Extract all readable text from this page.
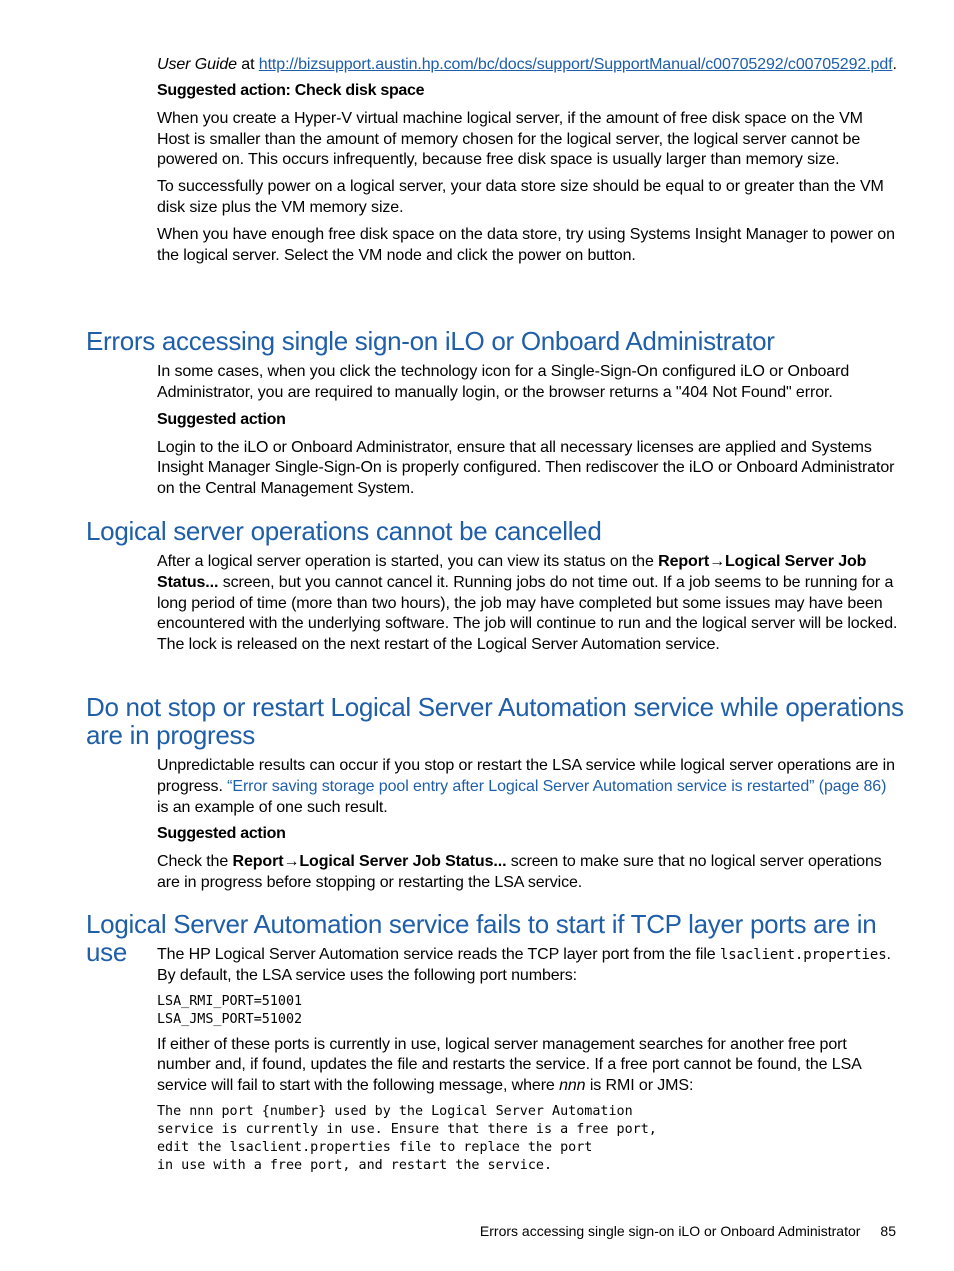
User Guide at http://bizsupport.austin.hp.com/bc/docs/support/SupportManual/c00705292/c00705292.pdf.

Suggested action: Check disk space

When you create a Hyper-V virtual machine logical server, if the amount of free disk space on the VM Host is smaller than the amount of memory chosen for the logical server, the logical server cannot be powered on. This occurs infrequently, because free disk space is usually larger than memory size.

To successfully power on a logical server, your data store size should be equal to or greater than the VM disk size plus the VM memory size.

When you have enough free disk space on the data store, try using Systems Insight Manager to power on the logical server. Select the VM node and click the power on button.

Errors accessing single sign-on iLO or Onboard Administrator

In some cases, when you click the technology icon for a Single-Sign-On configured iLO or Onboard Administrator, you are required to manually login, or the browser returns a "404 Not Found" error.

Suggested action

Login to the iLO or Onboard Administrator, ensure that all necessary licenses are applied and Systems Insight Manager Single-Sign-On is properly configured. Then rediscover the iLO or Onboard Administrator on the Central Management System.

Logical server operations cannot be cancelled

After a logical server operation is started, you can view its status on the Report→Logical Server Job Status... screen, but you cannot cancel it. Running jobs do not time out. If a job seems to be running for a long period of time (more than two hours), the job may have completed but some issues may have been encountered with the underlying software. The job will continue to run and the logical server will be locked. The lock is released on the next restart of the Logical Server Automation service.

Do not stop or restart Logical Server Automation service while operations are in progress

Unpredictable results can occur if you stop or restart the LSA service while logical server operations are in progress. “Error saving storage pool entry after Logical Server Automation service is restarted” (page 86) is an example of one such result.

Suggested action

Check the Report→Logical Server Job Status... screen to make sure that no logical server operations are in progress before stopping or restarting the LSA service.

Logical Server Automation service fails to start if TCP layer ports are in use	The HP Logical Server Automation service reads the TCP layer port from the file lsaclient.properties. By default, the LSA service uses the following port numbers:

LSA_RMI_PORT=51001
LSA_JMS_PORT=51002

If either of these ports is currently in use, logical server management searches for another free port number and, if found, updates the file and restarts the service. If a free port cannot be found, the LSA service will fail to start with the following message, where nnn is RMI or JMS:

The nnn port {number} used by the Logical Server Automation
service is currently in use. Ensure that there is a free port,
edit the lsaclient.properties file to replace the port
in use with a free port, and restart the service.
Errors accessing single sign-on iLO or Onboard Administrator 85
